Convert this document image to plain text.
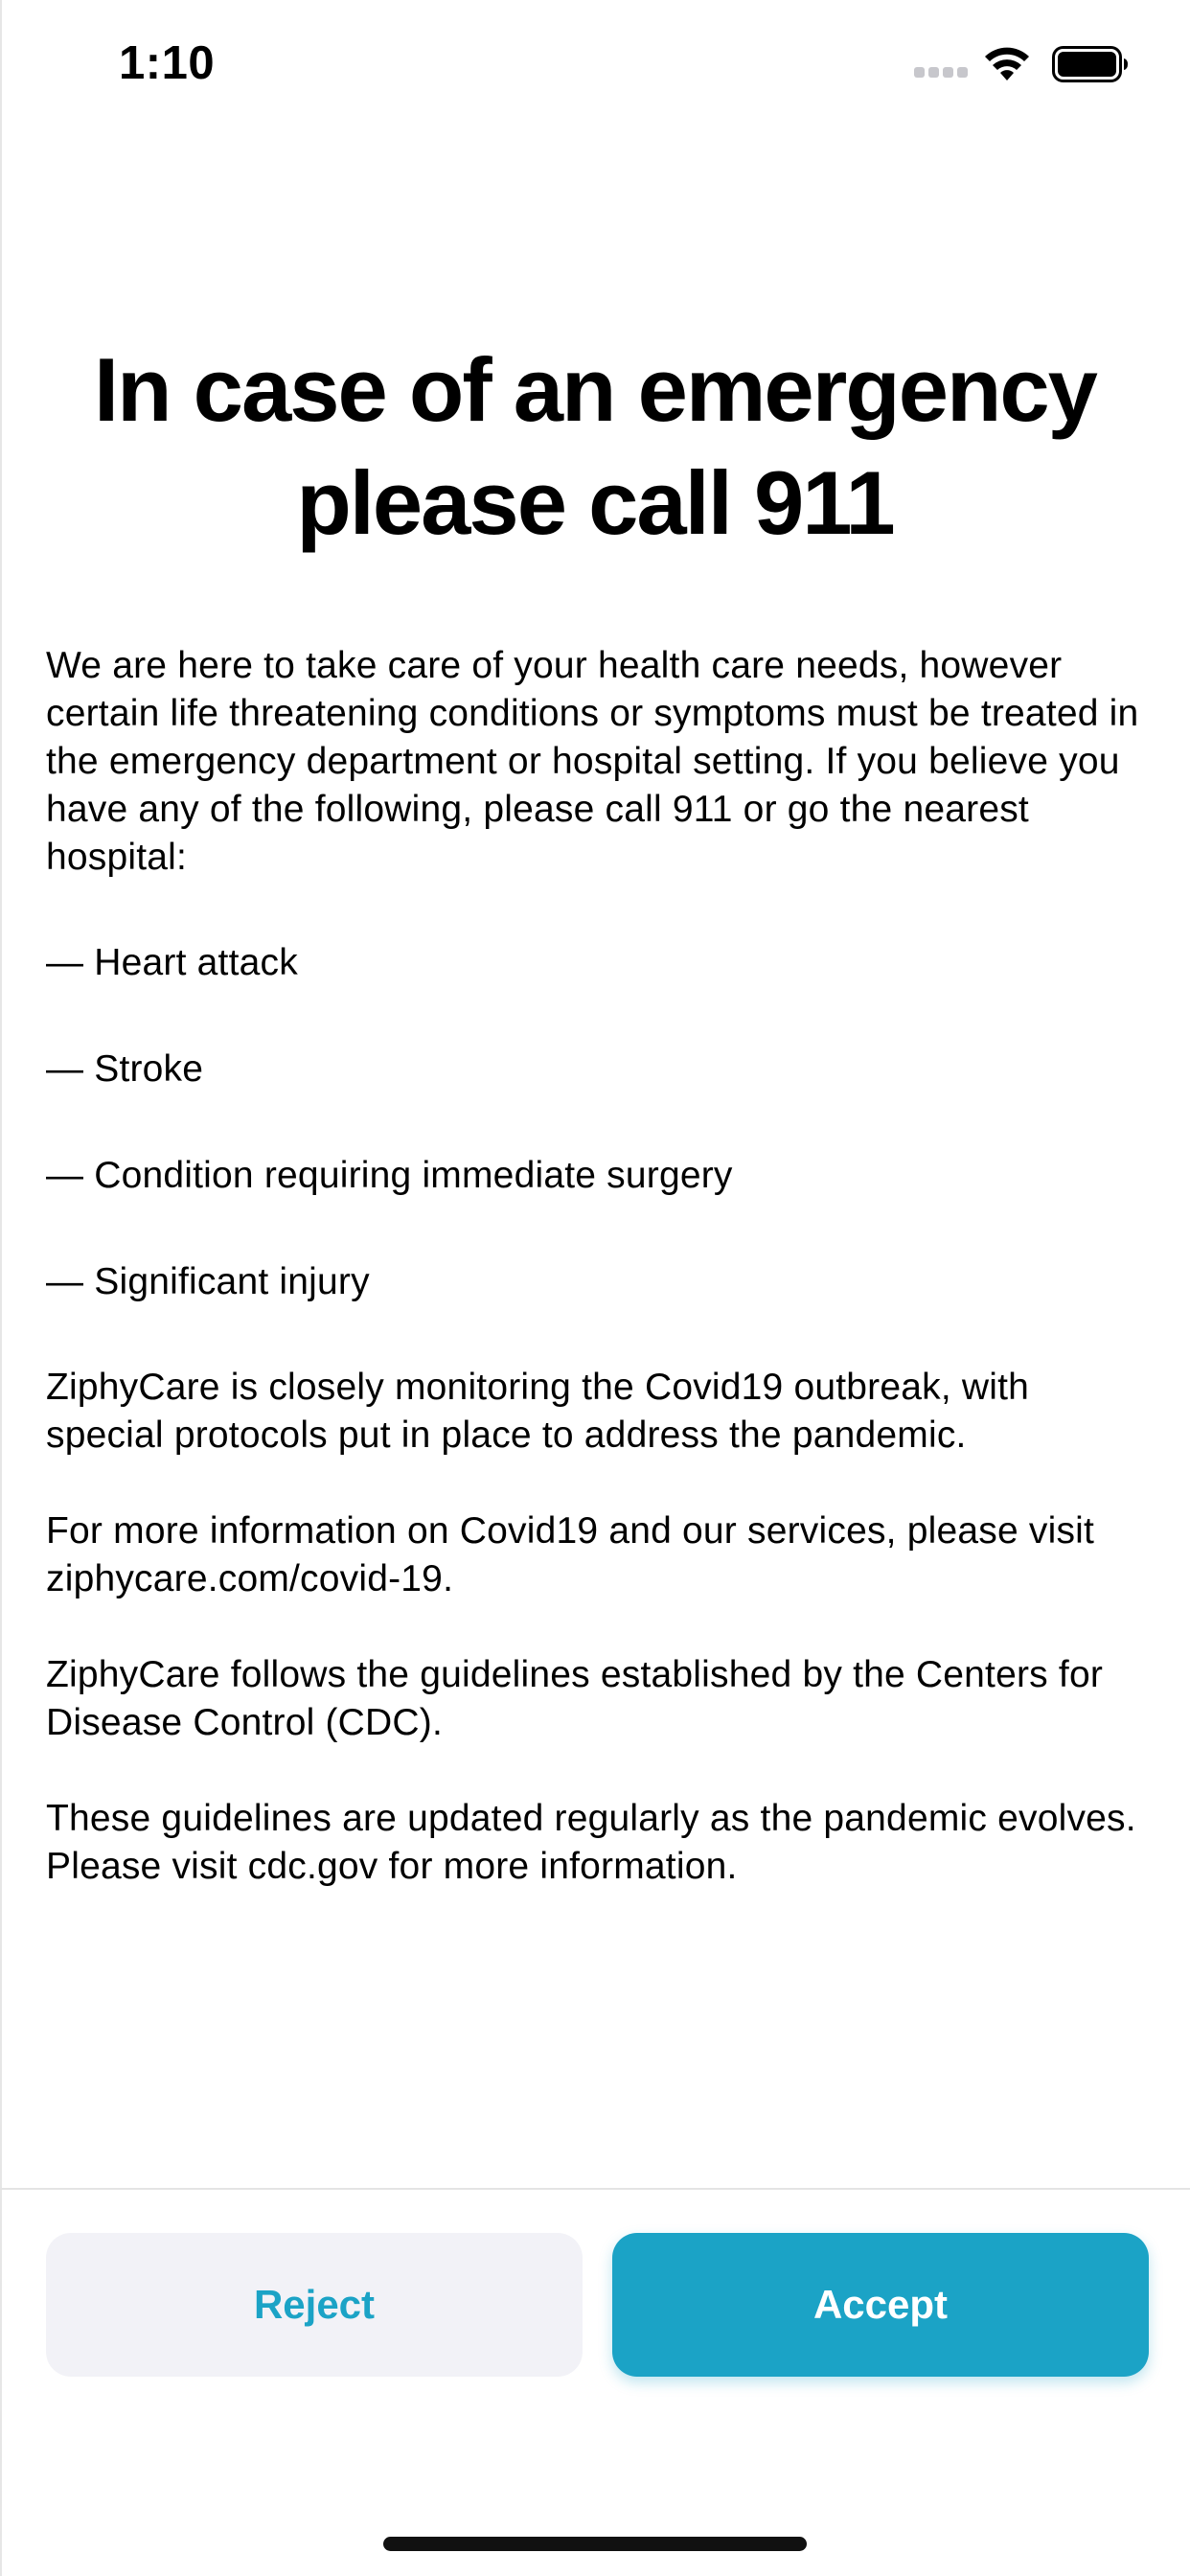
1:10
In case of an emergency please call 911

We are here to take care of your health care needs, however certain life threatening conditions or symptoms must be treated in the emergency department or hospital setting. If you believe you have any of the following, please call 911 or go the nearest hospital:

— Heart attack

— Stroke

— Condition requiring immediate surgery

— Significant injury

ZiphyCare is closely monitoring the Covid19 outbreak, with special protocols put in place to address the pandemic.

For more information on Covid19 and our services, please visit ziphycare.com/covid-19.

ZiphyCare follows the guidelines established by the Centers for Disease Control (CDC).

These guidelines are updated regularly as the pandemic evolves. Please visit cdc.gov for more information.

Reject	Accept
